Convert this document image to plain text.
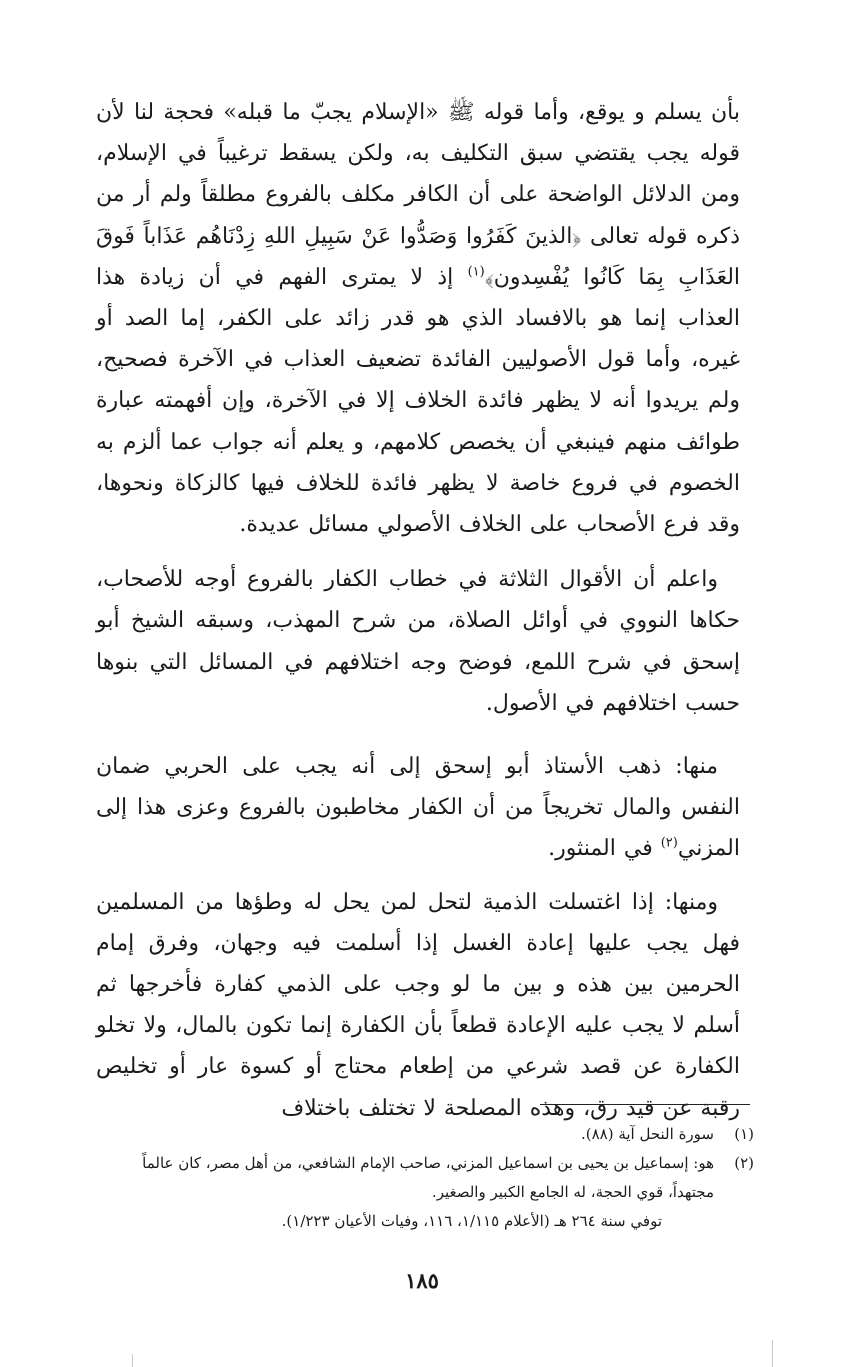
بأن يسلم و يوقع، وأما قوله ﷺ «الإسلام يجبّ ما قبله» فحجة لنا لأن قوله يجب يقتضي سبق التكليف به، ولكن يسقط ترغيباً في الإسلام، ومن الدلائل الواضحة على أن الكافر مكلف بالفروع مطلقاً ولم أر من ذكره قوله تعالى ﴿الذينَ كَفَرُوا وَصَدُّوا عَنْ سَبِيلِ اللهِ زِدْنَاهُم عَذَاباً فَوقَ العَذَابِ بِمَا كَانُوا يُفْسِدون﴾$^{(١)}$ إذ لا يمترى الفهم في أن زيادة هذا العذاب إنما هو بالافساد الذي هو قدر زائد على الكفر، إما الصد أو غيره، وأما قول الأصوليين الفائدة تضعيف العذاب في الآخرة فصحيح، ولم يريدوا أنه لا يظهر فائدة الخلاف إلا في الآخرة، وإن أفهمته عبارة طوائف منهم فينبغي أن يخصص كلامهم، و يعلم أنه جواب عما ألزم به الخصوم في فروع خاصة لا يظهر فائدة للخلاف فيها كالزكاة ونحوها، وقد فرع الأصحاب على الخلاف الأصولي مسائل عديدة.

واعلم أن الأقوال الثلاثة في خطاب الكفار بالفروع أوجه للأصحاب، حكاها النووي في أوائل الصلاة، من شرح المهذب، وسبقه الشيخ أبو إسحق في شرح اللمع، فوضح وجه اختلافهم في المسائل التي بنوها حسب اختلافهم في الأصول.

منها: ذهب الأستاذ أبو إسحق إلى أنه يجب على الحربي ضمان النفس والمال تخريجاً من أن الكفار مخاطبون بالفروع وعزى هذا إلى المزني$^{(٢)}$ في المنثور.

ومنها: إذا اغتسلت الذمية لتحل لمن يحل له وطؤها من المسلمين فهل يجب عليها إعادة الغسل إذا أسلمت فيه وجهان، وفرق إمام الحرمين بين هذه و بين ما لو وجب على الذمي كفارة فأخرجها ثم أسلم لا يجب عليه الإعادة قطعاً بأن الكفارة إنما تكون بالمال، ولا تخلو الكفارة عن قصد شرعي من إطعام محتاج أو كسوة عار أو تخليص رقبة عن قيد رق، وهذه المصلحة لا تختلف باختلاف

(١)
سورة النحل آية (٨٨).
(٢)
هو: إسماعيل بن يحيى بن اسماعيل المزني، صاحب الإمام الشافعي، من أهل مصر، كان عالماً مجتهداً، قوي الحجة، له الجامع الكبير والصغير.
توفي سنة ٢٦٤ هـ (الأعلام ١/١١٥، ١١٦، وفيات الأعيان ١/٢٢٣).
١٨٥
